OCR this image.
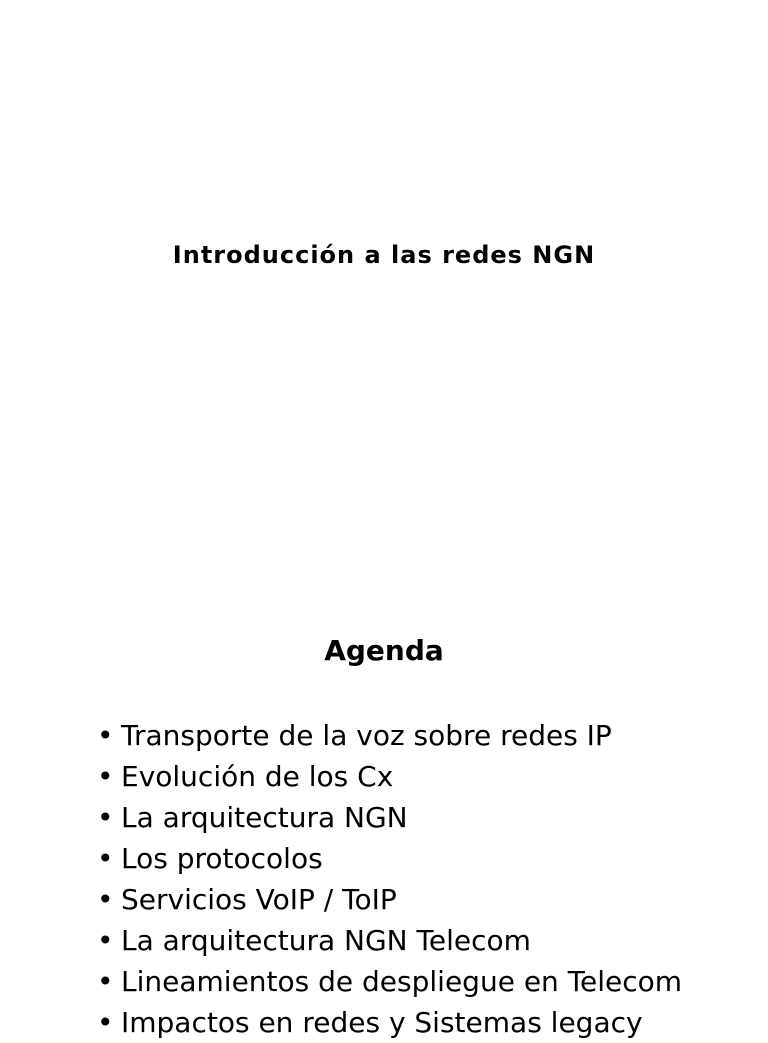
Introducción a las redes NGN
Agenda
• Transporte de la voz sobre redes IP
• Evolución de los Cx
• La arquitectura NGN
• Los protocolos
• Servicios VoIP / ToIP
• La arquitectura NGN Telecom
• Lineamientos de despliegue en Telecom
• Impactos en redes y Sistemas legacy
